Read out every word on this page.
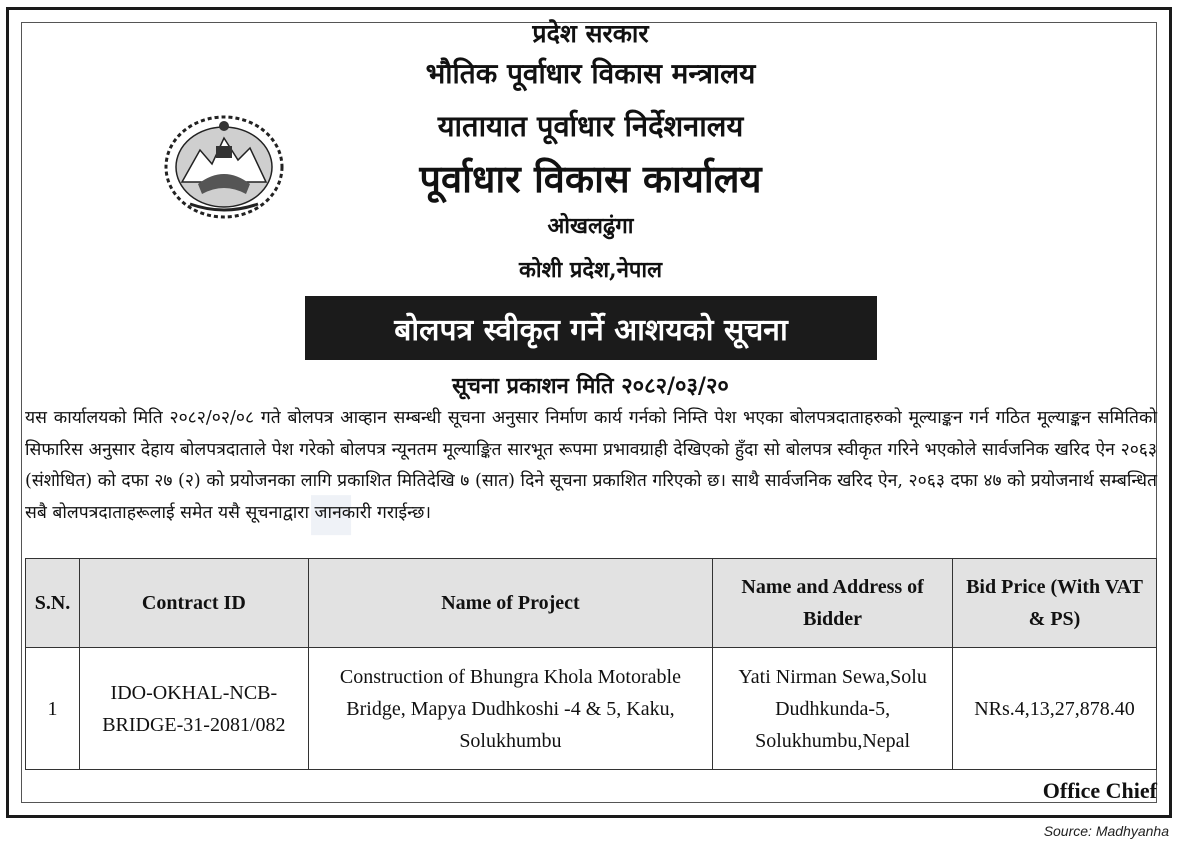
◆
प्रदेश सरकार
भौतिक पूर्वाधार विकास मन्त्रालय
यातायात पूर्वाधार निर्देशनालय
पूर्वाधार विकास कार्यालय
ओखलढुंगा
कोशी प्रदेश,नेपाल
बोलपत्र स्वीकृत गर्ने आशयको सूचना
सूचना प्रकाशन मिति २०८२/०३/२०
यस कार्यालयको मिति २०८२/०२/०८ गते बोलपत्र आव्हान सम्बन्धी सूचना अनुसार निर्माण कार्य गर्नको निम्ति पेश भएका बोलपत्रदाताहरुको मूल्याङ्कन गर्न गठित मूल्याङ्कन समितिको सिफारिस अनुसार देहाय बोलपत्रदाताले पेश गरेको बोलपत्र न्यूनतम मूल्याङ्कित सारभूत रूपमा प्रभावग्राही देखिएको हुँदा सो बोलपत्र स्वीकृत गरिने भएकोले सार्वजनिक खरिद ऐन २०६३ (संशोधित) को दफा २७ (२) को प्रयोजनका लागि प्रकाशित मितिदेखि ७ (सात) दिने सूचना प्रकाशित गरिएको छ। साथै सार्वजनिक खरिद ऐन, २०६३ दफा ४७ को प्रयोजनार्थ सम्बन्धित सबै बोलपत्रदाताहरूलाई समेत यसै सूचनाद्वारा जानकारी गराईन्छ।
S.N.	Contract ID	Name of Project	Name and Address of Bidder	Bid Price (With VAT & PS)
1	IDO-OKHAL-NCB-BRIDGE-31-2081/082	Construction of Bhungra Khola Motorable Bridge, Mapya Dudhkoshi -4 & 5, Kaku, Solukhumbu	Yati Nirman Sewa,Solu Dudhkunda-5, Solukhumbu,Nepal	NRs.4,13,27,878.40
Office Chief
Source: Madhyanha
